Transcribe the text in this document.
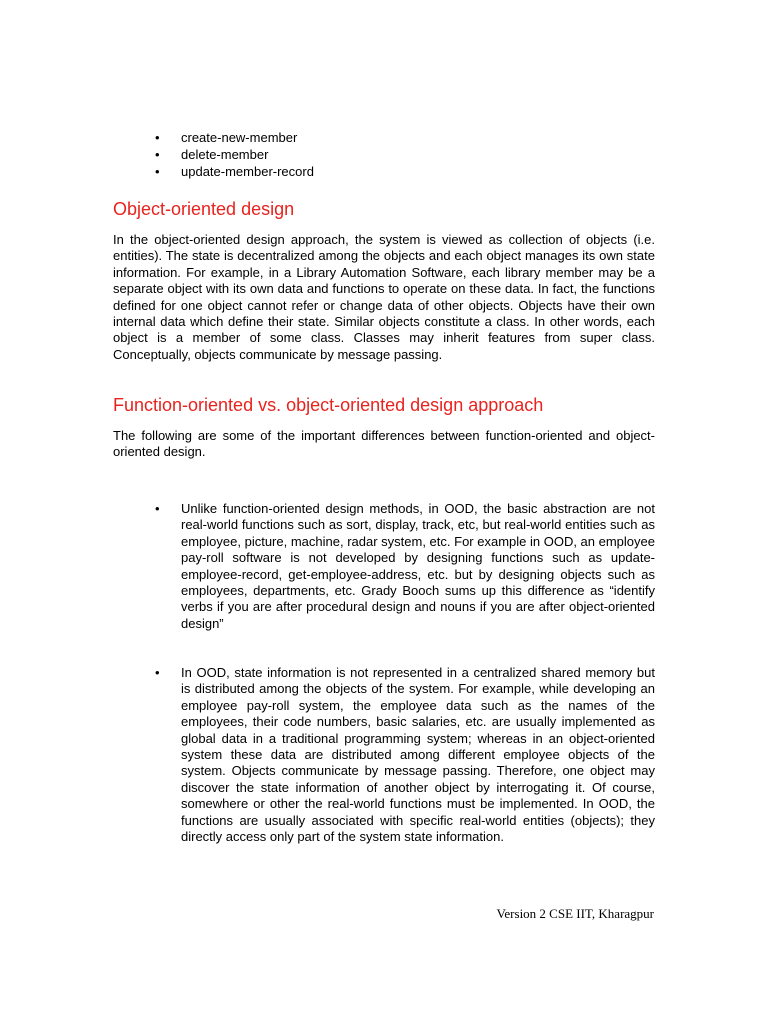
• create-new-member
• delete-member
• update-member-record
Object-oriented design

In the object-oriented design approach, the system is viewed as collection of objects (i.e. entities). The state is decentralized among the objects and each object manages its own state information. For example, in a Library Automation Software, each library member may be a separate object with its own data and functions to operate on these data. In fact, the functions defined for one object cannot refer or change data of other objects. Objects have their own internal data which define their state. Similar objects constitute a class. In other words, each object is a member of some class. Classes may inherit features from super class. Conceptually, objects communicate by message passing.

Function-oriented vs. object-oriented design approach

The following are some of the important differences between function-oriented and object-oriented design.

• Unlike function-oriented design methods, in OOD, the basic abstraction are not real-world functions such as sort, display, track, etc, but real-world entities such as employee, picture, machine, radar system, etc. For example in OOD, an employee pay-roll software is not developed by designing functions such as update-employee-record, get-employee-address, etc. but by designing objects such as employees, departments, etc. Grady Booch sums up this difference as “identify verbs if you are after procedural design and nouns if you are after object-oriented design”
• In OOD, state information is not represented in a centralized shared memory but is distributed among the objects of the system. For example, while developing an employee pay-roll system, the employee data such as the names of the employees, their code numbers, basic salaries, etc. are usually implemented as global data in a traditional programming system; whereas in an object-oriented system these data are distributed among different employee objects of the system. Objects communicate by message passing. Therefore, one object may discover the state information of another object by interrogating it. Of course, somewhere or other the real-world functions must be implemented. In OOD, the functions are usually associated with specific real-world entities (objects); they directly access only part of the system state information.
Version 2 CSE IIT, Kharagpur
